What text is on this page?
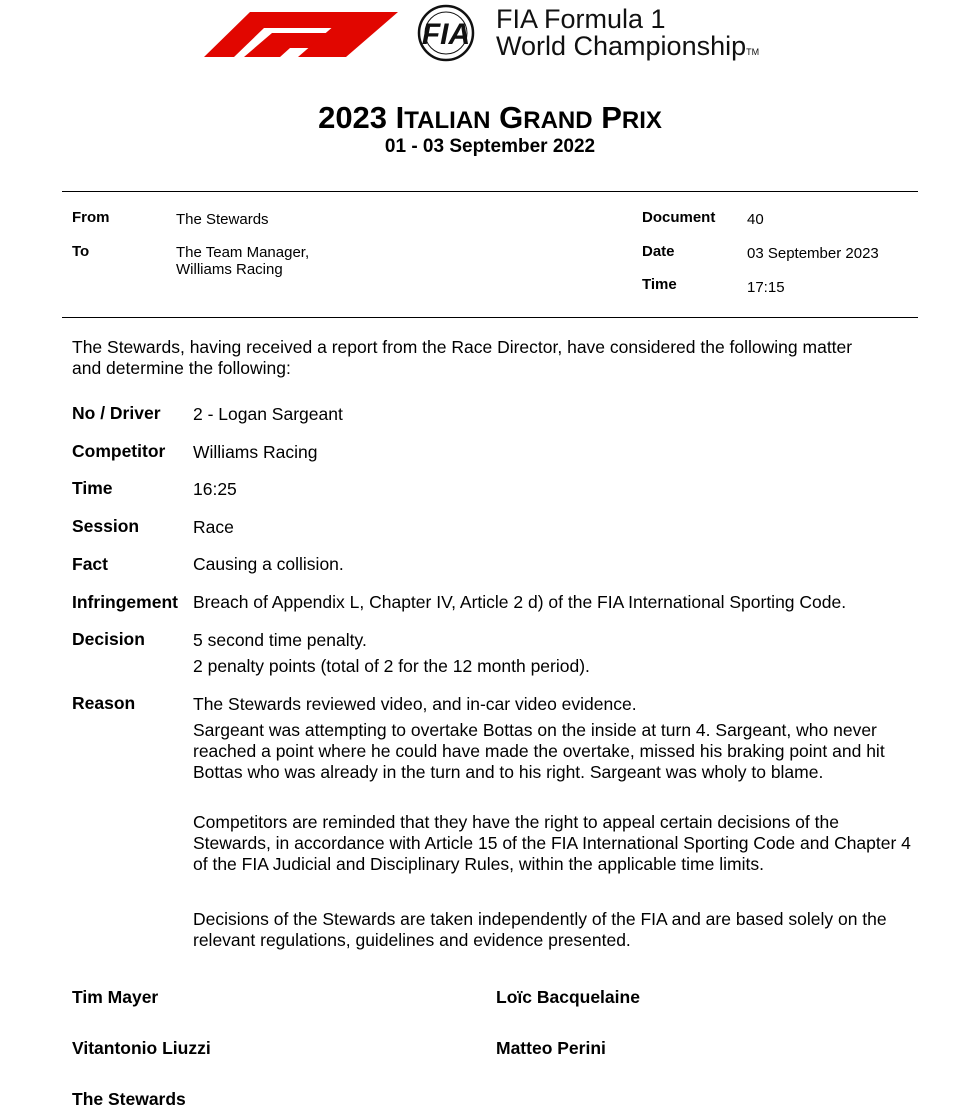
FIA FIA Formula 1
World ChampionshipTM
2023 ITALIAN GRAND PRIX
01 - 03 September 2022
From	The Stewards
To	The Team Manager,
Williams Racing
Document 40
Date	03 September 2023
Time	17:15
The Stewards, having received a report from the Race Director, have considered the following matter and determine the following:
No / Driver 2 - Logan Sargeant
Competitor Williams Racing
Time	16:25
Session	Race
Fact	Causing a collision.
Infringement Breach of Appendix L, Chapter IV, Article 2 d) of the FIA International Sporting Code.
Decision	5 second time penalty.
2 penalty points (total of 2 for the 12 month period).
Reason	The Stewards reviewed video, and in-car video evidence.
Sargeant was attempting to overtake Bottas on the inside at turn 4. Sargeant, who never reached a point where he could have made the overtake, missed his braking point and hit Bottas who was already in the turn and to his right. Sargeant was wholy to blame.
Competitors are reminded that they have the right to appeal certain decisions of the Stewards, in accordance with Article 15 of the FIA International Sporting Code and Chapter 4 of the FIA Judicial and Disciplinary Rules, within the applicable time limits.
Decisions of the Stewards are taken independently of the FIA and are based solely on the relevant regulations, guidelines and evidence presented.
Tim Mayer	Loïc Bacquelaine
Vitantonio Liuzzi	Matteo Perini
The Stewards
